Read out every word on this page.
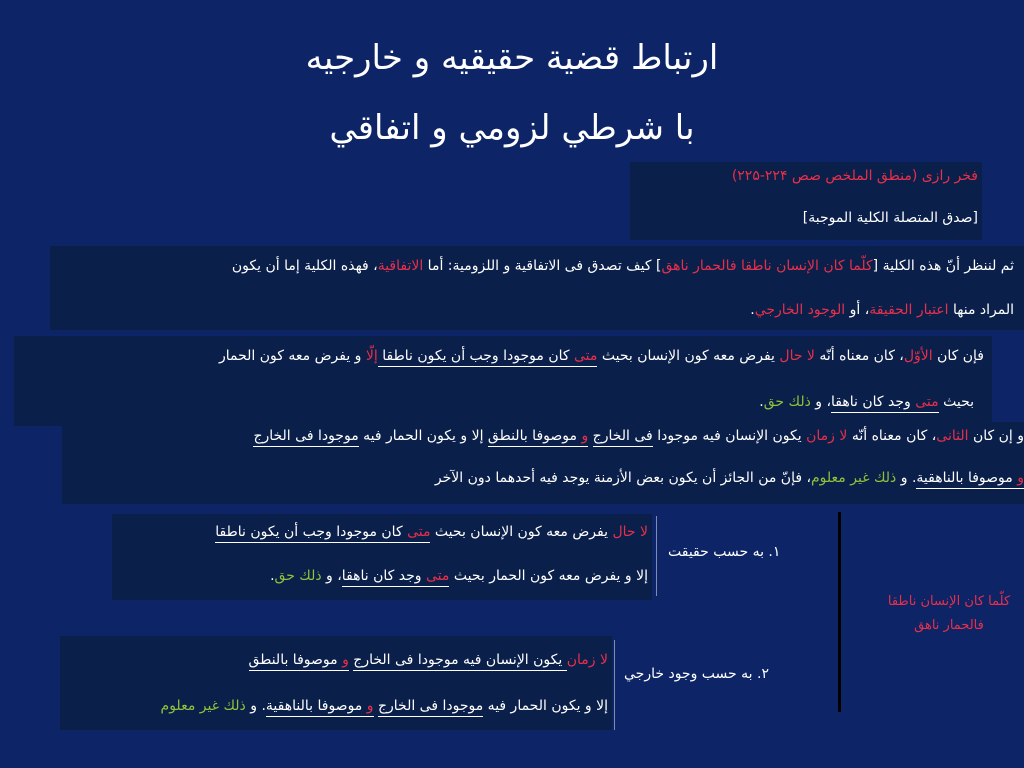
ارتباط قضية حقيقيه و خارجيه
با شرطي لزومي و اتفاقي
فخر رازی (منطق الملخص صص ۲۲۴-۲۲۵)
[صدق المتصلة الكلية الموجبة]
ثم لننظر أنّ هذه الكلية [كلّما كان الإنسان ناطقا فالحمار ناهق] كيف تصدق فی الاتفاقية و اللزومية: أما الاتفاقية، فهذه الكلية إما أن يكون
المراد منها اعتبار الحقيقة، أو الوجود الخارجي.
فإن كان الأوّل، كان معناه أنّه لا حال يفرض معه كون الإنسان بحيث متى كان موجودا وجب أن يكون ناطقا إلّا و يفرض معه كون الحمار
بحيث متى وجد كان ناهقا، و ذلك حق.
و إن كان الثانی، كان معناه أنّه لا زمان يكون الإنسان فيه موجودا فی الخارج و موصوفا بالنطق إلا و يكون الحمار فيه موجودا فی الخارج
و موصوفا بالناهقية. و ذلك غير معلوم، فإنّ من الجائز أن يكون بعض الأزمنة يوجد فيه أحدهما دون الآخر
۱. به حسب حقيقت
لا حال يفرض معه كون الإنسان بحيث متى كان موجودا وجب أن يكون ناطقا
إلا و يفرض معه كون الحمار بحيث متى وجد كان ناهقا، و ذلك حق.
۲. به حسب وجود خارجي
لا زمان يكون الإنسان فيه موجودا فی الخارج و موصوفا بالنطق
إلا و يكون الحمار فيه موجودا فی الخارج و موصوفا بالناهقية. و ذلك غير معلوم
كلّما كان الإنسان ناطقا
فالحمار ناهق
